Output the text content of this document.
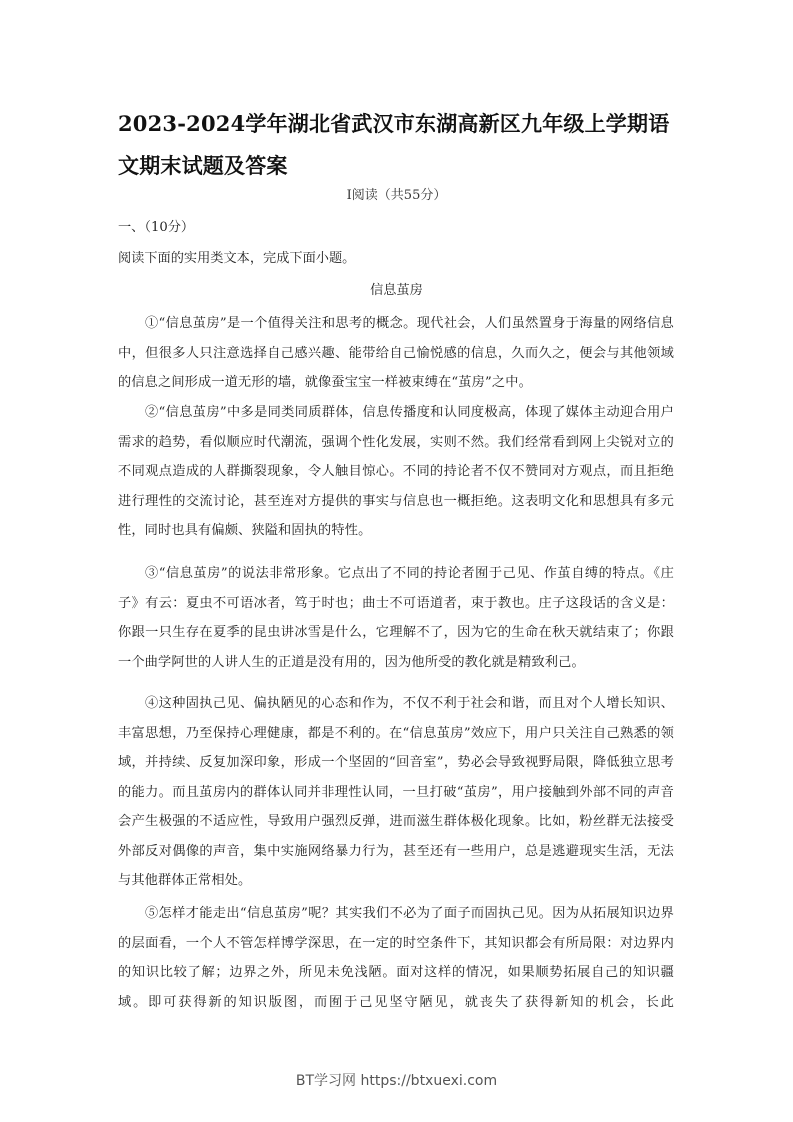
2023-2024学年湖北省武汉市东湖高新区九年级上学期语文期末试题及答案
Ⅰ阅读（共55分）
一、（10分）
阅读下面的实用类文本，完成下面小题。
信息茧房
①“信息茧房”是一个值得关注和思考的概念。现代社会，人们虽然置身于海量的网络信息中，但很多人只注意选择自己感兴趣、能带给自己愉悦感的信息，久而久之，便会与其他领域的信息之间形成一道无形的墙，就像蚕宝宝一样被束缚在“茧房”之中。
②“信息茧房”中多是同类同质群体，信息传播度和认同度极高，体现了媒体主动迎合用户需求的趋势，看似顺应时代潮流，强调个性化发展，实则不然。我们经常看到网上尖锐对立的不同观点造成的人群撕裂现象，令人触目惊心。不同的持论者不仅不赞同对方观点，而且拒绝进行理性的交流讨论，甚至连对方提供的事实与信息也一概拒绝。这表明文化和思想具有多元性，同时也具有偏颇、狭隘和固执的特性。
③“信息茧房”的说法非常形象。它点出了不同的持论者囿于己见、作茧自缚的特点。《庄子》有云：夏虫不可语冰者，笃于时也；曲士不可语道者，束于教也。庄子这段话的含义是：你跟一只生存在夏季的昆虫讲冰雪是什么，它理解不了，因为它的生命在秋天就结束了；你跟一个曲学阿世的人讲人生的正道是没有用的，因为他所受的教化就是精致利己。
④这种固执己见、偏执陋见的心态和作为，不仅不利于社会和谐，而且对个人增长知识、丰富思想，乃至保持心理健康，都是不利的。在“信息茧房”效应下，用户只关注自己熟悉的领域，并持续、反复加深印象，形成一个坚固的“回音室”，势必会导致视野局限，降低独立思考的能力。而且茧房内的群体认同并非理性认同，一旦打破“茧房”，用户接触到外部不同的声音会产生极强的不适应性，导致用户强烈反弹，进而滋生群体极化现象。比如，粉丝群无法接受外部反对偶像的声音，集中实施网络暴力行为，甚至还有一些用户，总是逃避现实生活，无法与其他群体正常相处。
⑤怎样才能走出“信息茧房”呢？其实我们不必为了面子而固执己见。因为从拓展知识边界的层面看，一个人不管怎样博学深思，在一定的时空条件下，其知识都会有所局限：对边界内的知识比较了解；边界之外，所见未免浅陋。面对这样的情况，如果顺势拓展自己的知识疆域。即可获得新的知识版图，而囿于己见坚守陋见，就丧失了获得新知的机会，长此
BT学习网 https://btxuexi.com
